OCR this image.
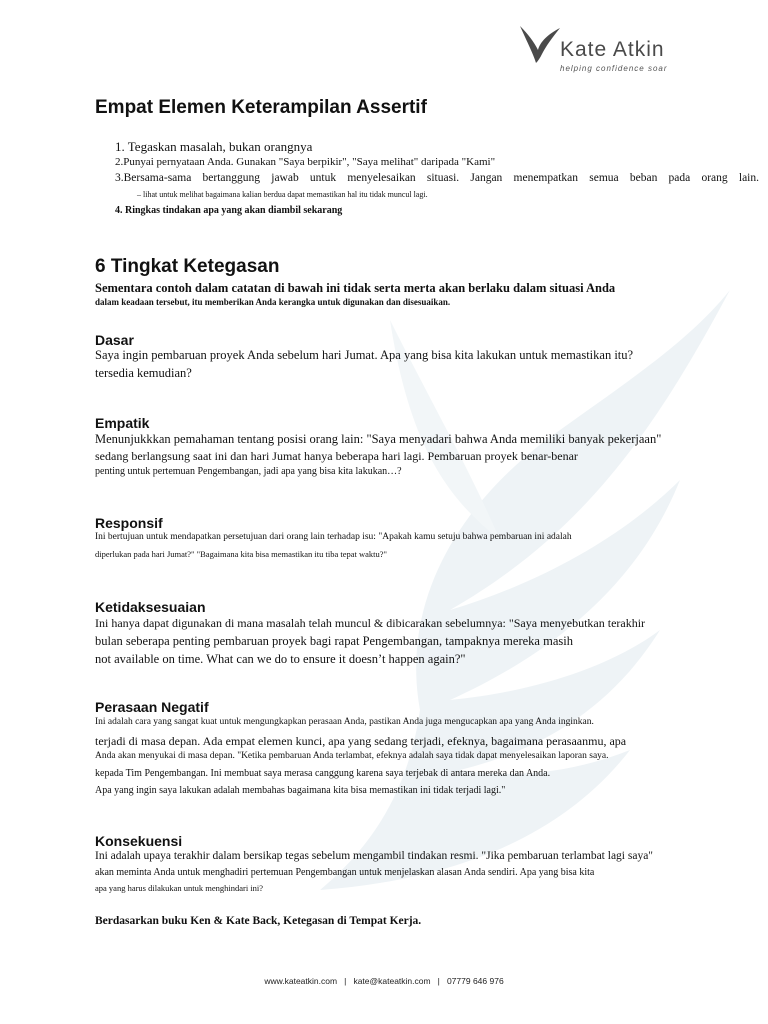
Kate Atkin
helping confidence soar
Empat Elemen Keterampilan Assertif
1. Tegaskan masalah, bukan orangnya
2.Punyai pernyataan Anda. Gunakan "Saya berpikir", "Saya melihat" daripada "Kami"
3.Bersama-sama bertanggung jawab untuk menyelesaikan situasi. Jangan menempatkan semua beban pada orang lain.
– lihat untuk melihat bagaimana kalian berdua dapat memastikan hal itu tidak muncul lagi.
4. Ringkas tindakan apa yang akan diambil sekarang
6 Tingkat Ketegasan
Sementara contoh dalam catatan di bawah ini tidak serta merta akan berlaku dalam situasi Anda
dalam keadaan tersebut, itu memberikan Anda kerangka untuk digunakan dan disesuaikan.
Dasar
Saya ingin pembaruan proyek Anda sebelum hari Jumat. Apa yang bisa kita lakukan untuk memastikan itu?
tersedia kemudian?
Empatik
Menunjukkkan pemahaman tentang posisi orang lain: "Saya menyadari bahwa Anda memiliki banyak pekerjaan"
sedang berlangsung saat ini dan hari Jumat hanya beberapa hari lagi. Pembaruan proyek benar-benar
penting untuk pertemuan Pengembangan, jadi apa yang bisa kita lakukan…?
Responsif
Ini bertujuan untuk mendapatkan persetujuan dari orang lain terhadap isu: "Apakah kamu setuju bahwa pembaruan ini adalah
diperlukan pada hari Jumat?" "Bagaimana kita bisa memastikan itu tiba tepat waktu?"
Ketidaksesuaian
Ini hanya dapat digunakan di mana masalah telah muncul & dibicarakan sebelumnya: "Saya menyebutkan terakhir
bulan seberapa penting pembaruan proyek bagi rapat Pengembangan, tampaknya mereka masih
not available on time. What can we do to ensure it doesn’t happen again?"
Perasaan Negatif
Ini adalah cara yang sangat kuat untuk mengungkapkan perasaan Anda, pastikan Anda juga mengucapkan apa yang Anda inginkan.
terjadi di masa depan. Ada empat elemen kunci, apa yang sedang terjadi, efeknya, bagaimana perasaanmu, apa
Anda akan menyukai di masa depan. "Ketika pembaruan Anda terlambat, efeknya adalah saya tidak dapat menyelesaikan laporan saya.
kepada Tim Pengembangan. Ini membuat saya merasa canggung karena saya terjebak di antara mereka dan Anda.
Apa yang ingin saya lakukan adalah membahas bagaimana kita bisa memastikan ini tidak terjadi lagi."
Konsekuensi
Ini adalah upaya terakhir dalam bersikap tegas sebelum mengambil tindakan resmi. "Jika pembaruan terlambat lagi saya"
akan meminta Anda untuk menghadiri pertemuan Pengembangan untuk menjelaskan alasan Anda sendiri. Apa yang bisa kita
apa yang harus dilakukan untuk menghindari ini?
Berdasarkan buku Ken & Kate Back, Ketegasan di Tempat Kerja.
www.kateatkin.com   |   kate@kateatkin.com   |   07779 646 976
